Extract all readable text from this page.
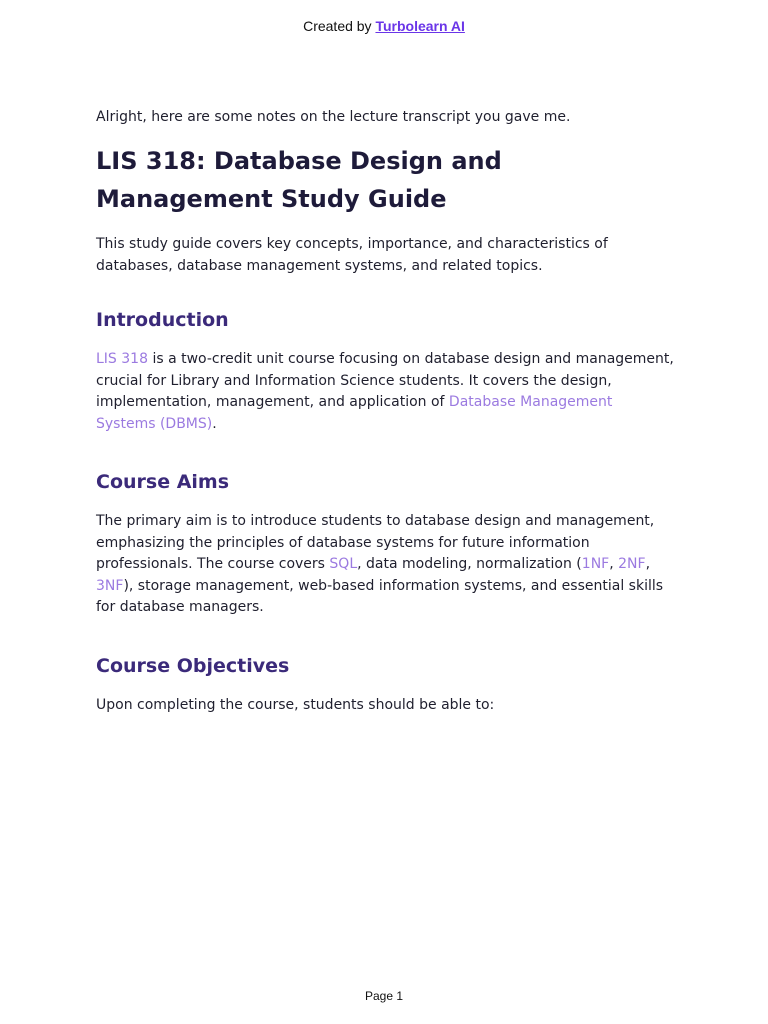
Created by Turbolearn AI
Alright, here are some notes on the lecture transcript you gave me.
LIS 318: Database Design and Management Study Guide

This study guide covers key concepts, importance, and characteristics of databases, database management systems, and related topics.

Introduction

LIS 318 is a two-credit unit course focusing on database design and management, crucial for Library and Information Science students. It covers the design, implementation, management, and application of Database Management Systems (DBMS).

Course Aims

The primary aim is to introduce students to database design and management, emphasizing the principles of database systems for future information professionals. The course covers SQL, data modeling, normalization (1NF, 2NF, 3NF), storage management, web-based information systems, and essential skills for database managers.

Course Objectives

Upon completing the course, students should be able to:

Page 1
